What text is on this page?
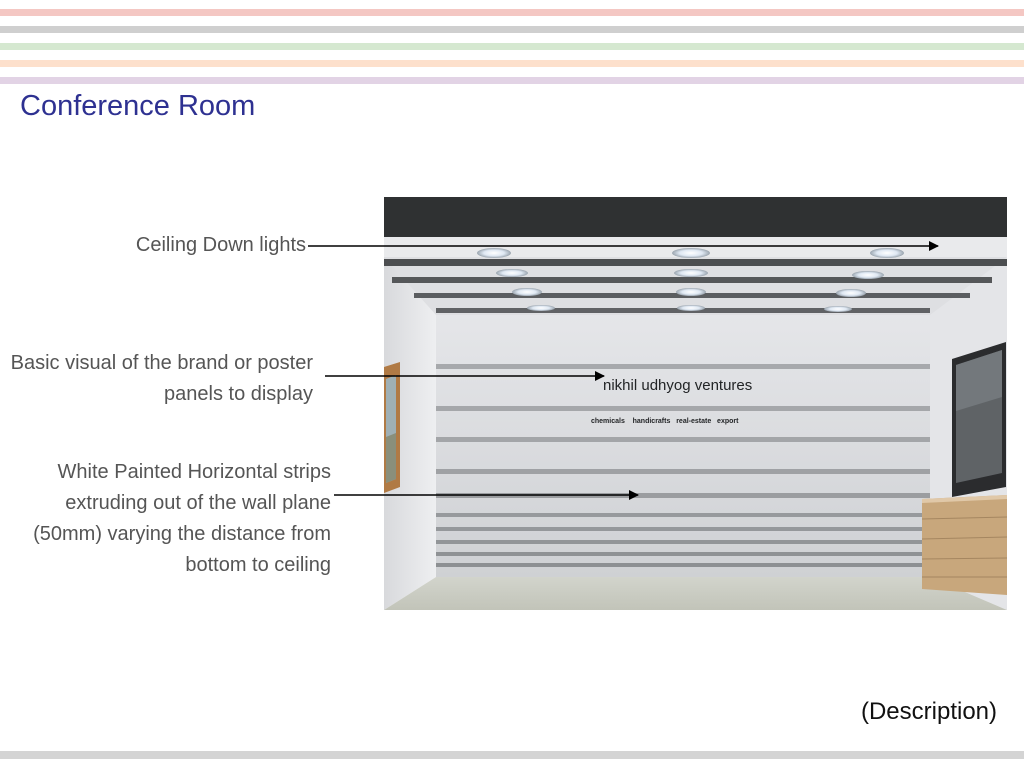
Conference Room
Ceiling Down lights
Basic visual of the brand or poster panels to display
White Painted Horizontal strips extruding out of the wall plane (50mm) varying the distance from bottom to ceiling
nikhil udhyog ventures
chemicals    handicrafts   real-estate   export
(Description)
